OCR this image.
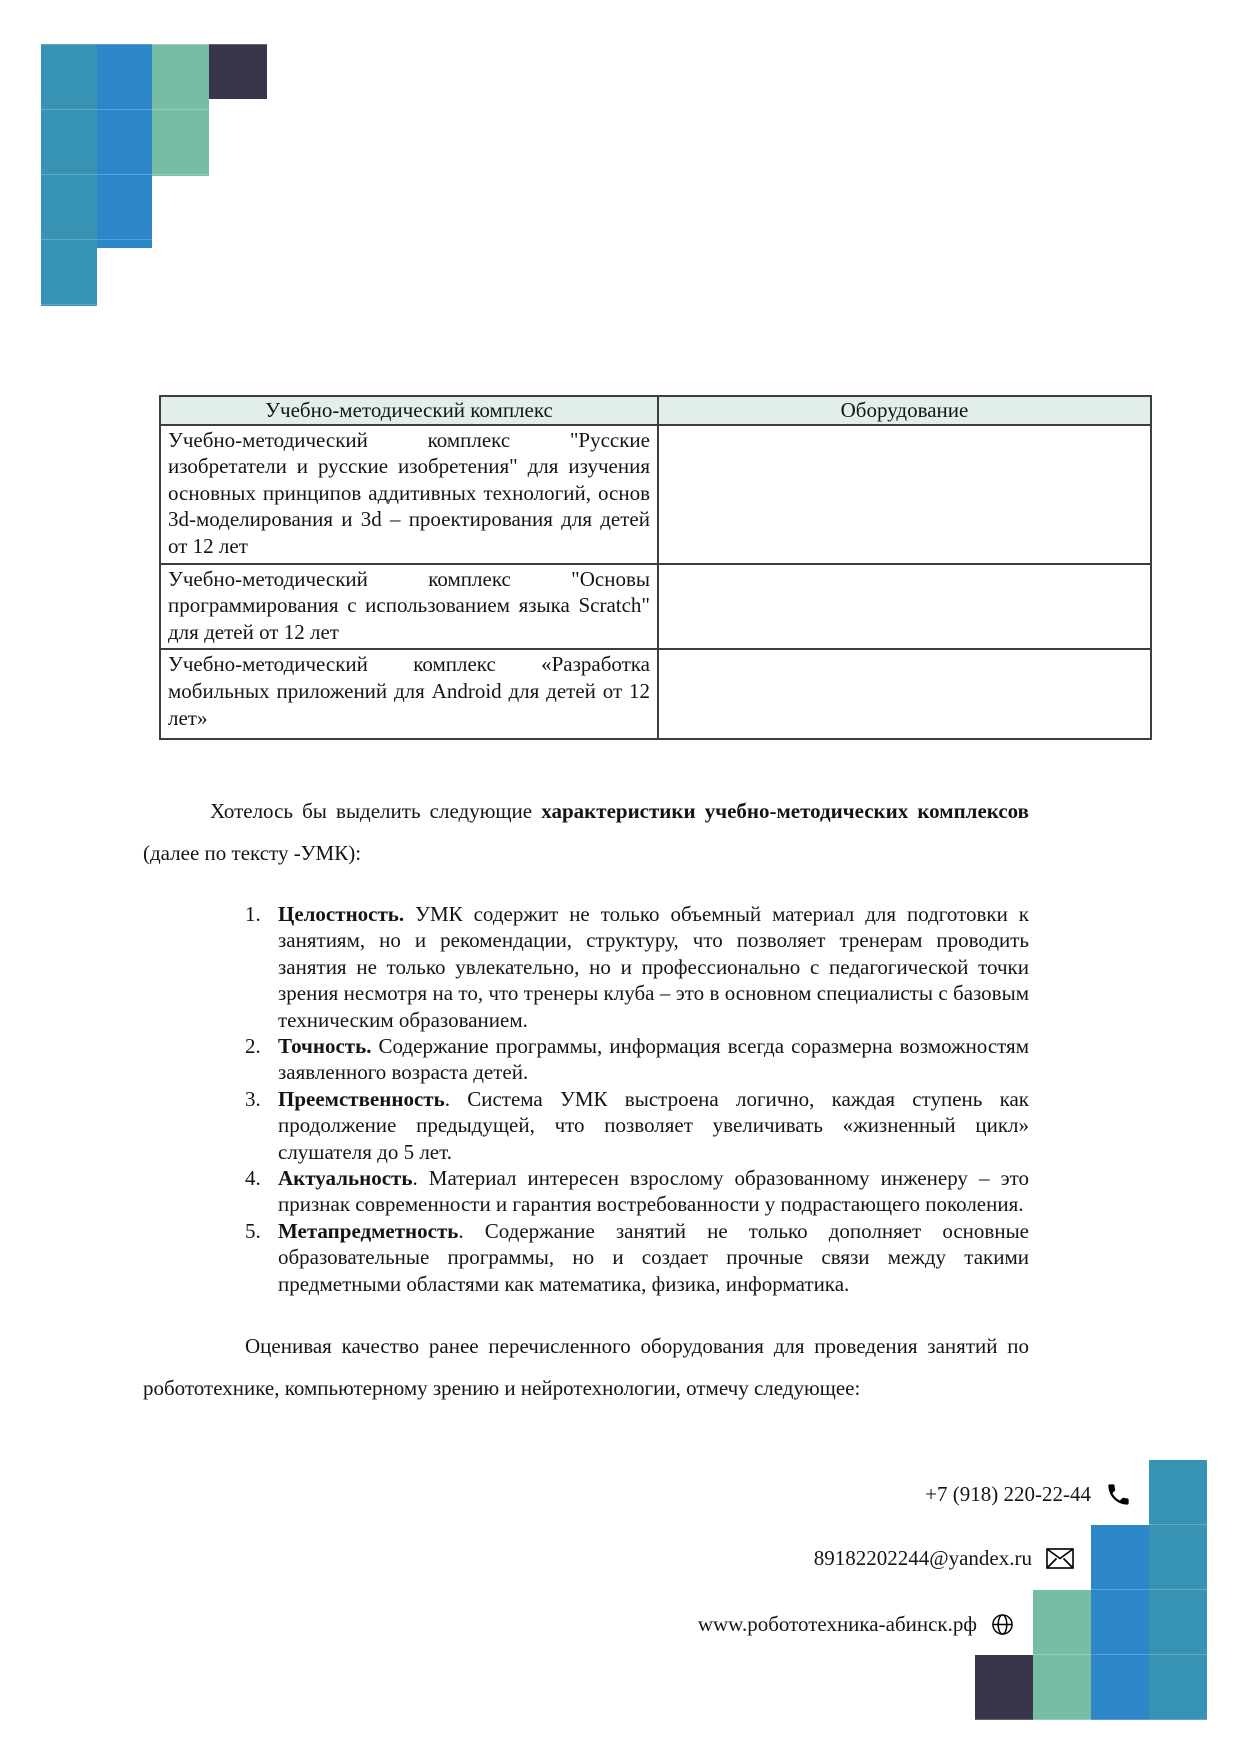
Учебно-методический комплекс	Оборудование
Учебно-методический комплекс "Русские изобретатели и русские изобретения" для изучения основных принципов аддитивных технологий, основ 3d-моделирования и 3d – проектирования для детей от 12 лет	
Учебно-методический комплекс "Основы программирования с использованием языка Scratch" для детей от 12 лет	
Учебно-методический комплекс «Разработка мобильных приложений для Android для детей от 12 лет»	

Хотелось бы выделить следующие характеристики учебно-методических комплексов (далее по тексту -УМК):

1. Целостность. УМК содержит не только объемный материал для подготовки к занятиям, но и рекомендации, структуру, что позволяет тренерам проводить занятия не только увлекательно, но и профессионально с педагогической точки зрения несмотря на то, что тренеры клуба – это в основном специалисты с базовым техническим образованием.
2. Точность. Содержание программы, информация всегда соразмерна возможностям заявленного возраста детей.
3. Преемственность. Система УМК выстроена логично, каждая ступень как продолжение предыдущей, что позволяет увеличивать «жизненный цикл» слушателя до 5 лет.
4. Актуальность. Материал интересен взрослому образованному инженеру – это признак современности и гарантия востребованности у подрастающего поколения.
5. Метапредметность. Содержание занятий не только дополняет основные образовательные программы, но и создает прочные связи между такими предметными областями как математика, физика, информатика.

Оценивая качество ранее перечисленного оборудования для проведения занятий по робототехнике, компьютерному зрению и нейротехнологии, отмечу следующее:

+7 (918) 220-22-44
89182202244@yandex.ru
www.робототехника-абинск.рф
